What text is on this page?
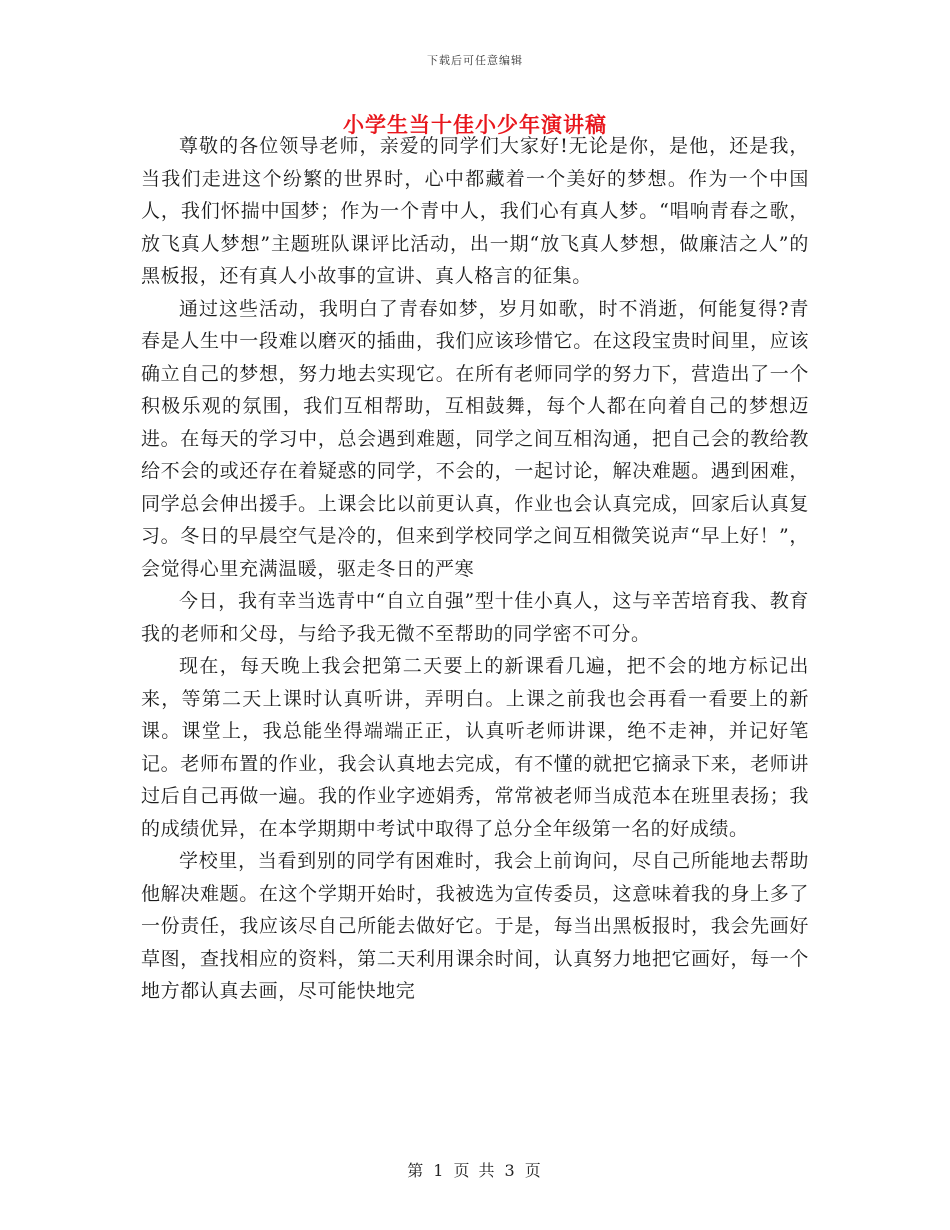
下载后可任意编辑
小学生当十佳小少年演讲稿

尊敬的各位领导老师，亲爱的同学们大家好!无论是你，是他，还是我，当我们走进这个纷繁的世界时，心中都藏着一个美好的梦想。作为一个中国人，我们怀揣中国梦；作为一个青中人，我们心有真人梦。“唱响青春之歌，放飞真人梦想”主题班队课评比活动，出一期“放飞真人梦想，做廉洁之人”的黑板报，还有真人小故事的宣讲、真人格言的征集。

通过这些活动，我明白了青春如梦，岁月如歌，时不消逝，何能复得?青春是人生中一段难以磨灭的插曲，我们应该珍惜它。在这段宝贵时间里，应该确立自己的梦想，努力地去实现它。在所有老师同学的努力下，营造出了一个积极乐观的氛围，我们互相帮助，互相鼓舞，每个人都在向着自己的梦想迈进。在每天的学习中，总会遇到难题，同学之间互相沟通，把自己会的教给教给不会的或还存在着疑惑的同学，不会的，一起讨论，解决难题。遇到困难，同学总会伸出援手。上课会比以前更认真，作业也会认真完成，回家后认真复习。冬日的早晨空气是冷的，但来到学校同学之间互相微笑说声“早上好！”，会觉得心里充满温暖，驱走冬日的严寒

今日，我有幸当选青中“自立自强”型十佳小真人，这与辛苦培育我、教育我的老师和父母，与给予我无微不至帮助的同学密不可分。

现在，每天晚上我会把第二天要上的新课看几遍，把不会的地方标记出来，等第二天上课时认真听讲，弄明白。上课之前我也会再看一看要上的新课。课堂上，我总能坐得端端正正，认真听老师讲课，绝不走神，并记好笔记。老师布置的作业，我会认真地去完成，有不懂的就把它摘录下来，老师讲过后自己再做一遍。我的作业字迹娟秀，常常被老师当成范本在班里表扬；我的成绩优异，在本学期期中考试中取得了总分全年级第一名的好成绩。

学校里，当看到别的同学有困难时，我会上前询问，尽自己所能地去帮助他解决难题。在这个学期开始时，我被选为宣传委员，这意味着我的身上多了一份责任，我应该尽自己所能去做好它。于是，每当出黑板报时，我会先画好草图，查找相应的资料，第二天利用课余时间，认真努力地把它画好，每一个地方都认真去画，尽可能快地完

第 1 页 共 3 页
